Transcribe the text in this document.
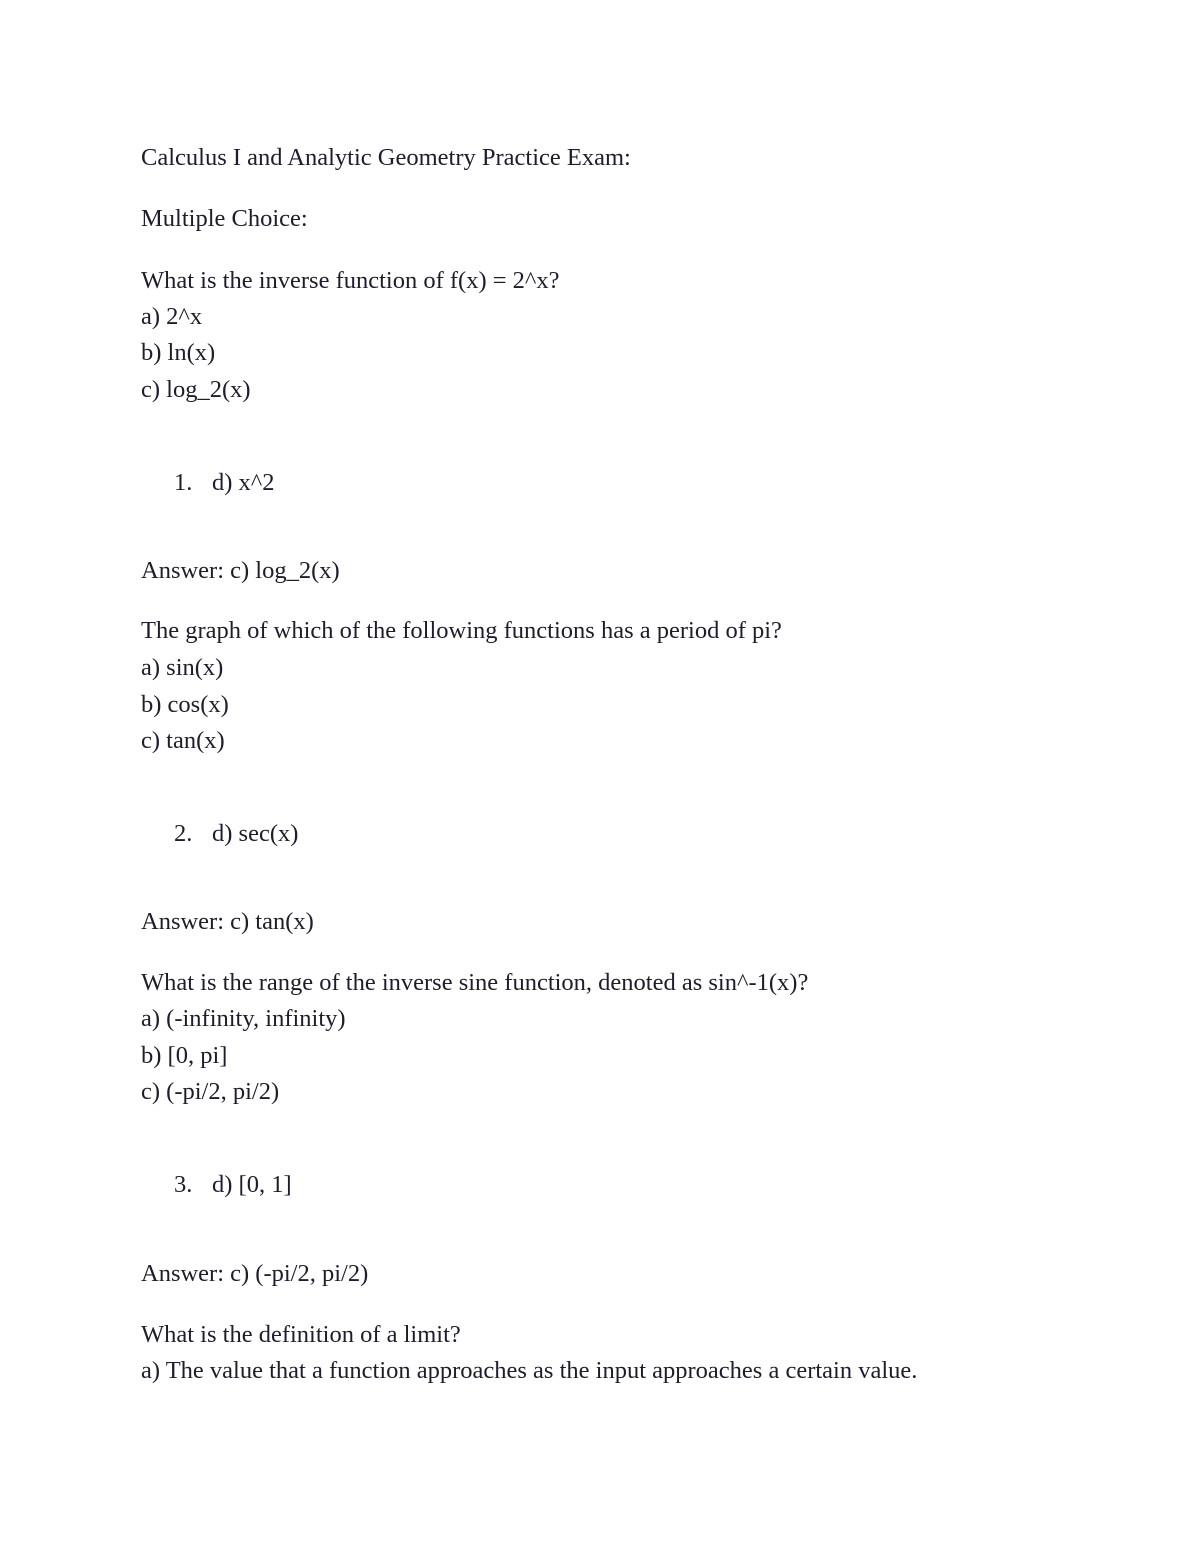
Calculus I and Analytic Geometry Practice Exam:
Multiple Choice:
What is the inverse function of f(x) = 2^x?
a) 2^x
b) ln(x)
c) log_2(x)
1. d) x^2
Answer: c) log_2(x)
The graph of which of the following functions has a period of pi?
a) sin(x)
b) cos(x)
c) tan(x)
2. d) sec(x)
Answer: c) tan(x)
What is the range of the inverse sine function, denoted as sin^-1(x)?
a) (-infinity, infinity)
b) [0, pi]
c) (-pi/2, pi/2)
3. d) [0, 1]
Answer: c) (-pi/2, pi/2)
What is the definition of a limit?
a) The value that a function approaches as the input approaches a certain value.
